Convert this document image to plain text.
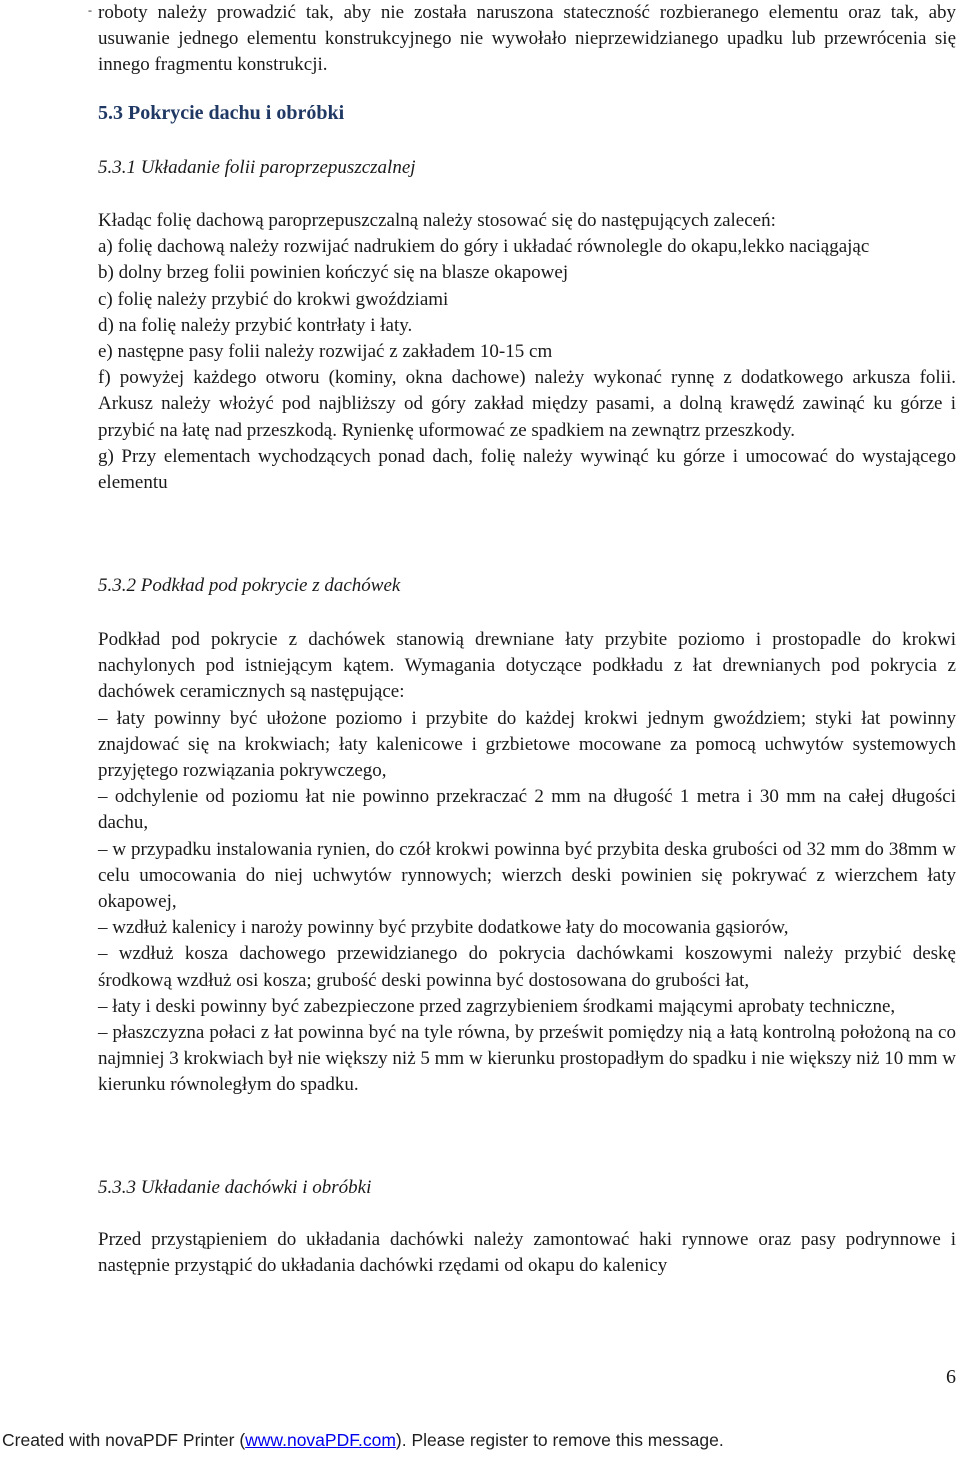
- roboty należy prowadzić tak, aby nie została naruszona stateczność rozbieranego elementu oraz tak, aby usuwanie jednego elementu konstrukcyjnego nie wywołało nieprzewidzianego upadku lub przewrócenia się innego fragmentu konstrukcji.

5.3 Pokrycie dachu i obróbki
5.3.1 Układanie folii paroprzepuszczalnej

Kładąc folię dachową paroprzepuszczalną należy stosować się do następujących zaleceń:

a) folię dachową należy rozwijać nadrukiem do góry i układać równolegle do okapu,lekko naciągając

b) dolny brzeg folii powinien kończyć się na blasze okapowej

c) folię należy przybić do krokwi gwoździami

d) na folię należy przybić kontrłaty i łaty.

e) następne pasy folii należy rozwijać z zakładem 10-15 cm

f) powyżej każdego otworu (kominy, okna dachowe) należy wykonać rynnę z dodatkowego arkusza folii. Arkusz należy włożyć pod najbliższy od góry zakład między pasami, a dolną krawędź zawinąć ku górze i przybić na łatę nad przeszkodą. Rynienkę uformować ze spadkiem na zewnątrz przeszkody.

g) Przy elementach wychodzących ponad dach, folię należy wywinąć ku górze i umocować do wystającego elementu

5.3.2 Podkład pod pokrycie z dachówek

Podkład pod pokrycie z dachówek stanowią drewniane łaty przybite poziomo i prostopadle do krokwi nachylonych pod istniejącym kątem. Wymagania dotyczące podkładu z łat drewnianych pod pokrycia z dachówek ceramicznych są następujące:

– łaty powinny być ułożone poziomo i przybite do każdej krokwi jednym gwoździem; styki łat powinny znajdować się na krokwiach; łaty kalenicowe i grzbietowe mocowane za pomocą uchwytów systemowych przyjętego rozwiązania pokrywczego,

– odchylenie od poziomu łat nie powinno przekraczać 2 mm na długość 1 metra i 30 mm na całej długości dachu,

– w przypadku instalowania rynien, do czół krokwi powinna być przybita deska grubości od 32 mm do 38mm w celu umocowania do niej uchwytów rynnowych; wierzch deski powinien się pokrywać z wierzchem łaty okapowej,

– wzdłuż kalenicy i naroży powinny być przybite dodatkowe łaty do mocowania gąsiorów,

– wzdłuż kosza dachowego przewidzianego do pokrycia dachówkami koszowymi należy przybić deskę środkową wzdłuż osi kosza; grubość deski powinna być dostosowana do grubości łat,

– łaty i deski powinny być zabezpieczone przed zagrzybieniem środkami mającymi aprobaty techniczne,

– płaszczyzna połaci z łat powinna być na tyle równa, by prześwit pomiędzy nią a łatą kontrolną położoną na co najmniej 3 krokwiach był nie większy niż 5 mm w kierunku prostopadłym do spadku i nie większy niż 10 mm w kierunku równoległym do spadku.

5.3.3 Układanie dachówki i obróbki

Przed przystąpieniem do układania dachówki należy zamontować haki rynnowe oraz pasy podrynnowe i następnie przystąpić do układania dachówki rzędami od okapu do kalenicy

6
Created with novaPDF Printer (www.novaPDF.com). Please register to remove this message.
